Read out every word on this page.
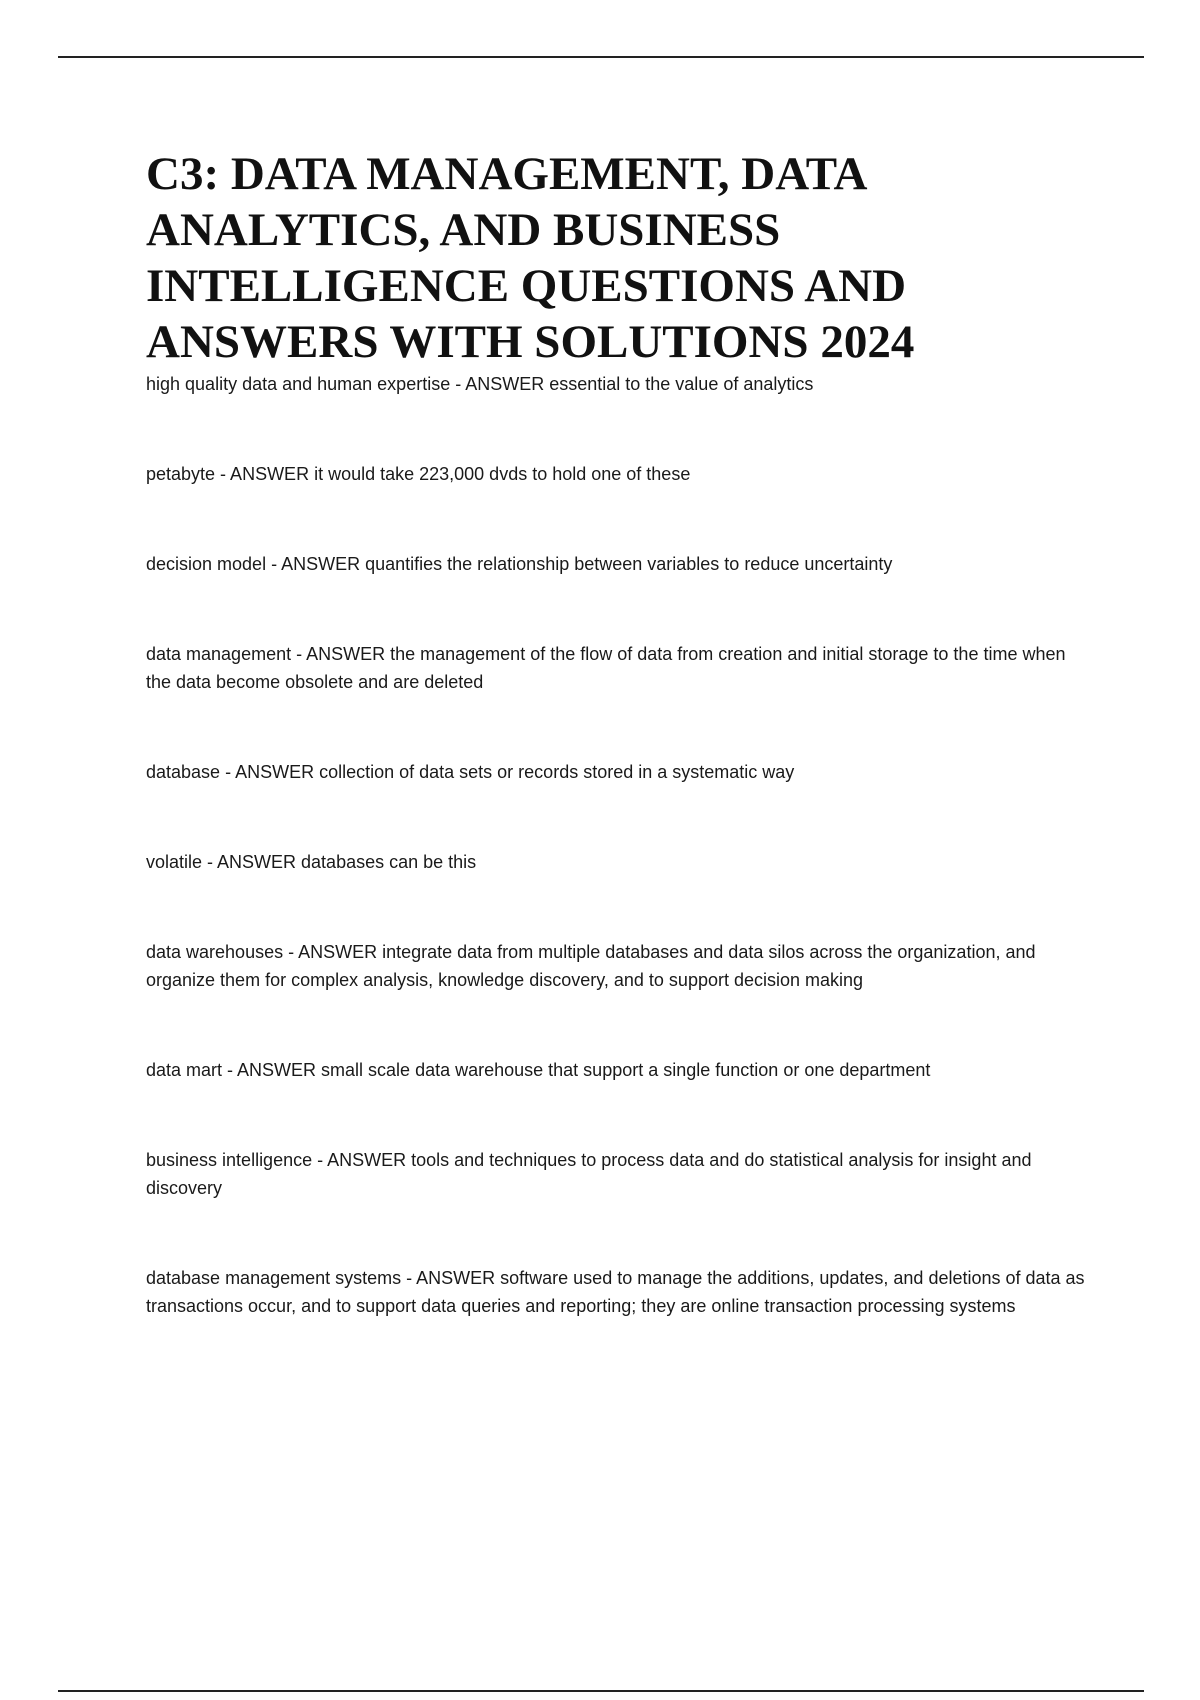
C3: DATA MANAGEMENT, DATA ANALYTICS, AND BUSINESS INTELLIGENCE QUESTIONS AND ANSWERS WITH SOLUTIONS 2024
high quality data and human expertise - ANSWER essential to the value of analytics
petabyte - ANSWER it would take 223,000 dvds to hold one of these
decision model - ANSWER quantifies the relationship between variables to reduce uncertainty
data management - ANSWER the management of the flow of data from creation and initial storage to the time when the data become obsolete and are deleted
database - ANSWER collection of data sets or records stored in a systematic way
volatile - ANSWER databases can be this
data warehouses - ANSWER integrate data from multiple databases and data silos across the organization, and organize them for complex analysis, knowledge discovery, and to support decision making
data mart - ANSWER small scale data warehouse that support a single function or one department
business intelligence - ANSWER tools and techniques to process data and do statistical analysis for insight and discovery
database management systems - ANSWER software used to manage the additions, updates, and deletions of data as transactions occur, and to support data queries and reporting; they are online transaction processing systems
